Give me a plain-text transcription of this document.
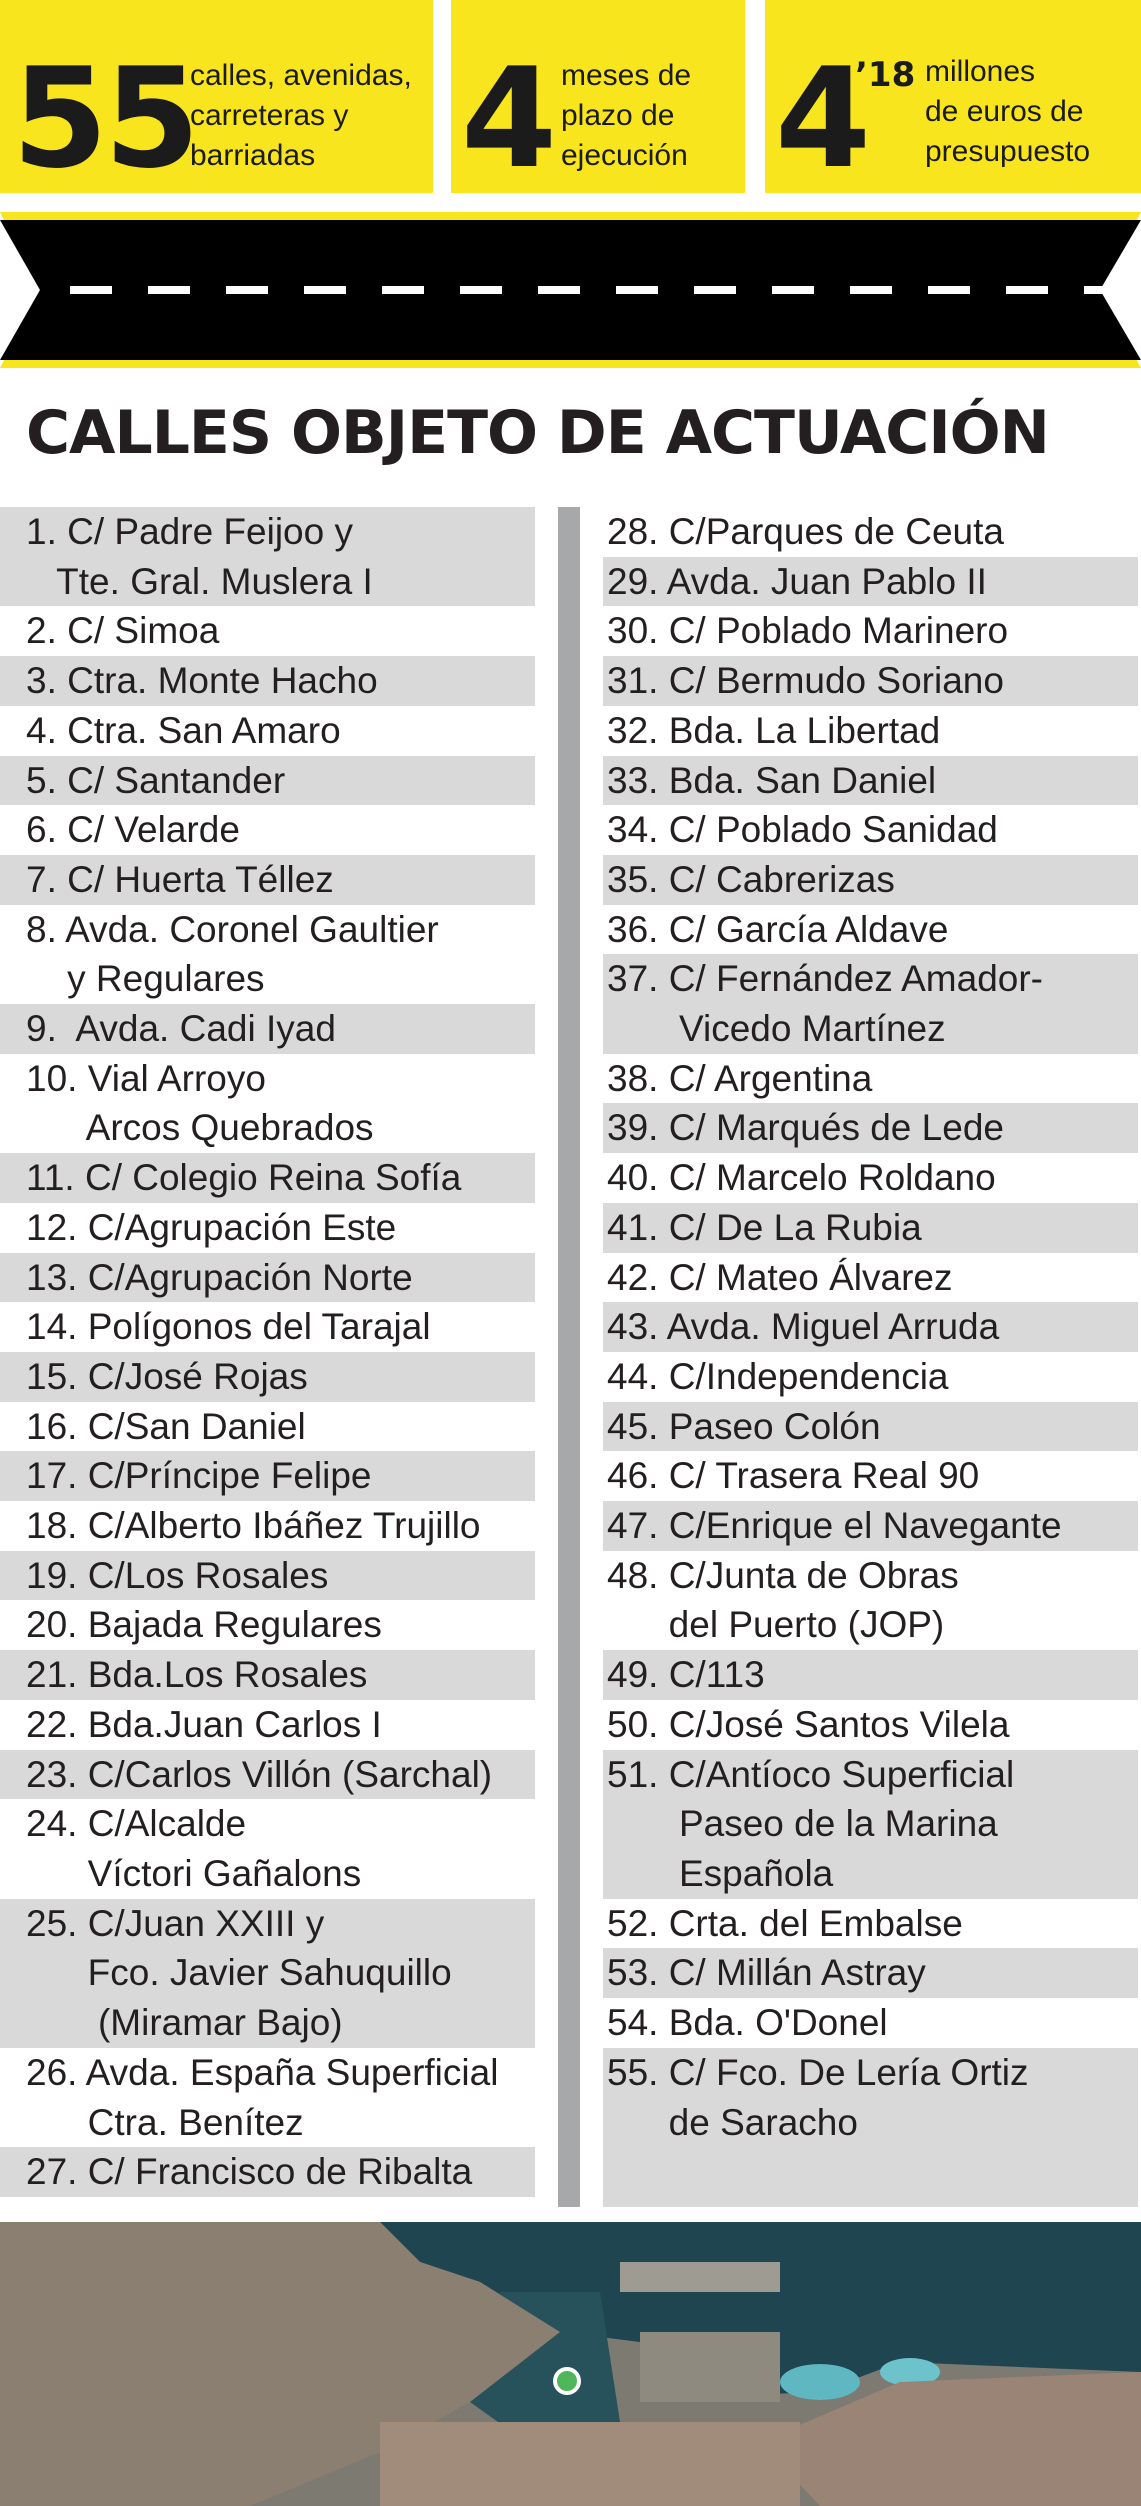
55
calles, avenidas,
carreteras y
barriadas	4 meses de
plazo de
ejecución 4
’18 millones
de euros de
presupuesto
CALLES OBJETO DE ACTUACIÓN
1. C/ Padre Feijoo y
Tte. Gral. Muslera I
2. C/ Simoa
3. Ctra. Monte Hacho
4. Ctra. San Amaro
5. C/ Santander
6. C/ Velarde
7. C/ Huerta Téllez
8. Avda. Coronel Gaultier
y Regulares
9.  Avda. Cadi Iyad
10. Vial Arroyo
Arcos Quebrados
11. C/ Colegio Reina Sofía
12. C/Agrupación Este
13. C/Agrupación Norte
14. Polígonos del Tarajal
15. C/José Rojas
16. C/San Daniel
17. C/Príncipe Felipe
18. C/Alberto Ibáñez Trujillo
19. C/Los Rosales
20. Bajada Regulares
21. Bda.Los Rosales
22. Bda.Juan Carlos I
23. C/Carlos Villón (Sarchal)
24. C/Alcalde
Víctori Gañalons
25. C/Juan XXIII y
Fco. Javier Sahuquillo
(Miramar Bajo)
26. Avda. España Superficial
Ctra. Benítez
27. C/ Francisco de Ribalta
28. C/Parques de Ceuta
29. Avda. Juan Pablo II
30. C/ Poblado Marinero
31. C/ Bermudo Soriano
32. Bda. La Libertad
33. Bda. San Daniel
34. C/ Poblado Sanidad
35. C/ Cabrerizas
36. C/ García Aldave
37. C/ Fernández Amador-
Vicedo Martínez
38. C/ Argentina
39. C/ Marqués de Lede
40. C/ Marcelo Roldano
41. C/ De La Rubia
42. C/ Mateo Álvarez
43. Avda. Miguel Arruda
44. C/Independencia
45. Paseo Colón
46. C/ Trasera Real 90
47. C/Enrique el Navegante
48. C/Junta de Obras
del Puerto (JOP)
49. C/113
50. C/José Santos Vilela
51. C/Antíoco Superficial
Paseo de la Marina
Española
52. Crta. del Embalse
53. C/ Millán Astray
54. Bda. O'Donel
55. C/ Fco. De Lería Ortiz
de Saracho
